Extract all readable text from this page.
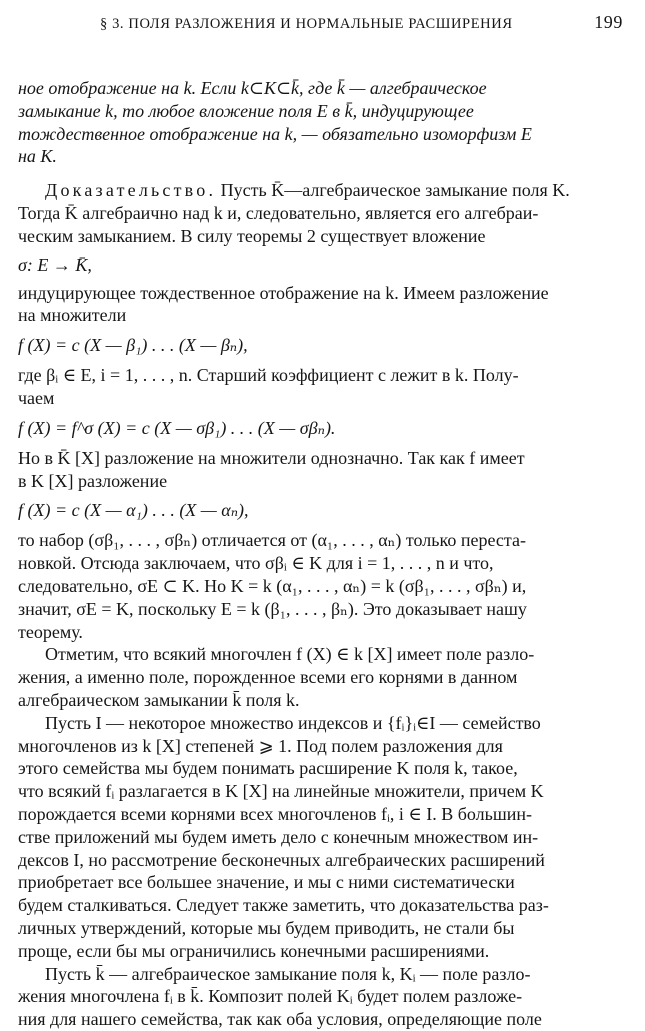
§ 3. ПОЛЯ РАЗЛОЖЕНИЯ И НОРМАЛЬНЫЕ РАСШИРЕНИЯ	199

ное отображение на k. Если k⊂K⊂k̄, где k̄ — алгебраическое

замыкание k, то любое вложение поля E в k̄, индуцирующее

тождественное отображение на k, — обязательно изоморфизм E

на K.

Доказательство. Пусть K̄—алгебраическое замыкание поля K.

Тогда K̄ алгебраично над k и, следовательно, является его алгебраи-

ческим замыканием. В силу теоремы 2 существует вложение

σ: E → K̄,

индуцирующее тождественное отображение на k. Имеем разложение

на множители

f (X) = c (X — β₁) . . . (X — βₙ),

где βᵢ ∈ E, i = 1, . . . , n. Старший коэффициент c лежит в k. Полу-

чаем

f (X) = f^σ (X) = c (X — σβ₁) . . . (X — σβₙ).

Но в K̄ [X] разложение на множители однозначно. Так как f имеет

в K [X] разложение

f (X) = c (X — α₁) . . . (X — αₙ),

то набор (σβ₁, . . . , σβₙ) отличается от (α₁, . . . , αₙ) только переста-

новкой. Отсюда заключаем, что σβᵢ ∈ K для i = 1, . . . , n и что,

следовательно, σE ⊂ K. Но K = k (α₁, . . . , αₙ) = k (σβ₁, . . . , σβₙ) и,

значит, σE = K, поскольку E = k (β₁, . . . , βₙ). Это доказывает нашу

теорему.

Отметим, что всякий многочлен f (X) ∈ k [X] имеет поле разло-

жения, а именно поле, порожденное всеми его корнями в данном

алгебраическом замыкании k̄ поля k.

Пусть I — некоторое множество индексов и {fᵢ}ᵢ∈I — семейство

многочленов из k [X] степеней ⩾ 1. Под полем разложения для

этого семейства мы будем понимать расширение K поля k, такое,

что всякий fᵢ разлагается в K [X] на линейные множители, причем K

порождается всеми корнями всех многочленов fᵢ, i ∈ I. В большин-

стве приложений мы будем иметь дело с конечным множеством ин-

дексов I, но рассмотрение бесконечных алгебраических расширений

приобретает все большее значение, и мы с ними систематически

будем сталкиваться. Следует также заметить, что доказательства раз-

личных утверждений, которые мы будем приводить, не стали бы

проще, если бы мы ограничились конечными расширениями.

Пусть k̄ — алгебраическое замыкание поля k, Kᵢ — поле разло-

жения многочлена fᵢ в k̄. Композит полей Kᵢ будет полем разложе-

ния для нашего семейства, так как оба условия, определяющие поле
